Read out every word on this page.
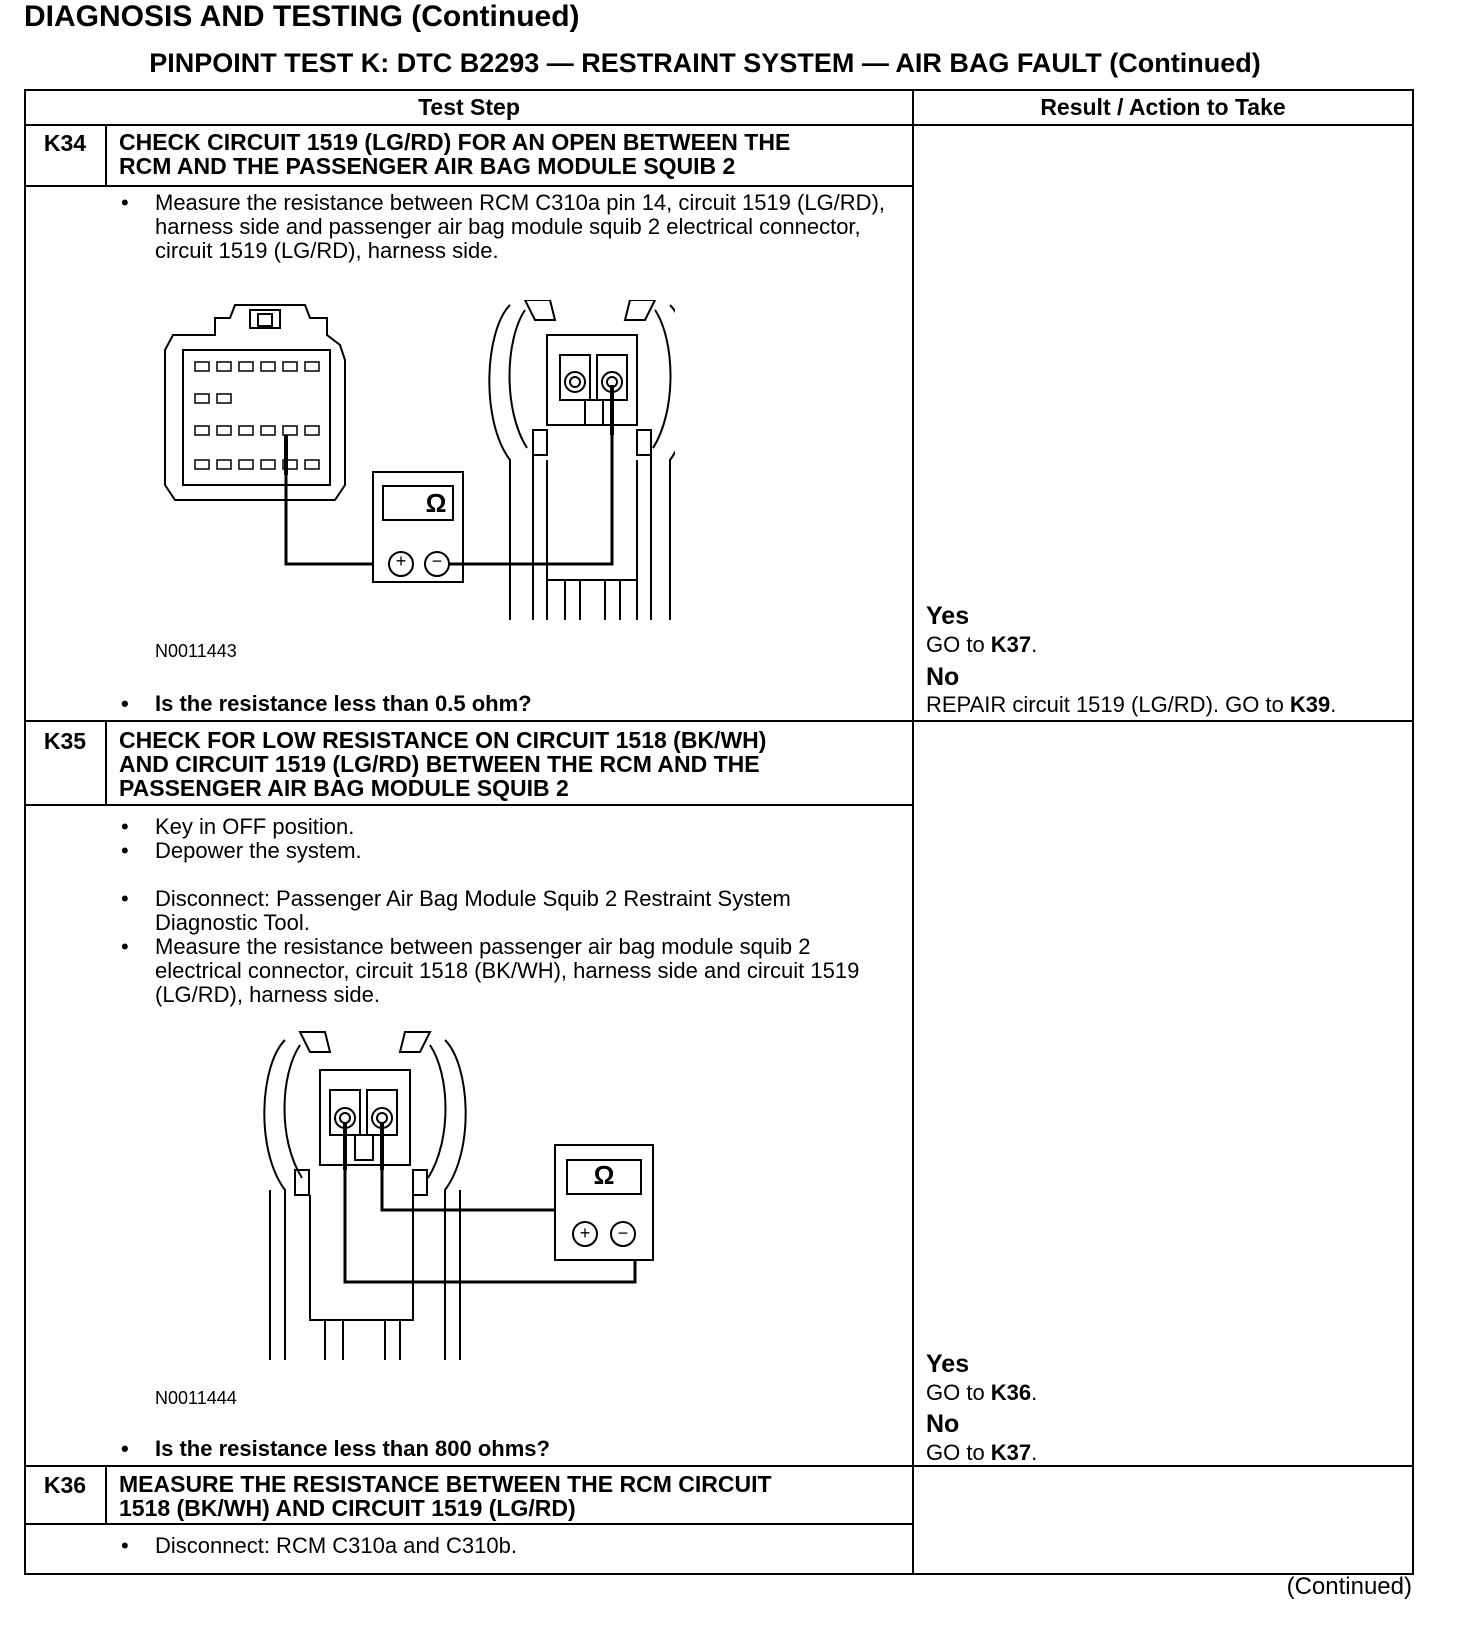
DIAGNOSIS AND TESTING (Continued)
PINPOINT TEST K: DTC B2293 — RESTRAINT SYSTEM — AIR BAG FAULT (Continued)
Test Step	Result / Action to Take
K34	CHECK CIRCUIT 1519 (LG/RD) FOR AN OPEN BETWEEN THE
RCM AND THE PASSENGER AIR BAG MODULE SQUIB 2
• Measure the resistance between RCM C310a pin 14, circuit 1519 (LG/RD), harness side and passenger air bag module squib 2 electrical connector, circuit 1519 (LG/RD), harness side.
Ω
+ −
N0011443
• Is the resistance less than 0.5 ohm?
Yes
GO to K37.
No
REPAIR circuit 1519 (LG/RD). GO to K39.
K35	CHECK FOR LOW RESISTANCE ON CIRCUIT 1518 (BK/WH)
AND CIRCUIT 1519 (LG/RD) BETWEEN THE RCM AND THE
PASSENGER AIR BAG MODULE SQUIB 2
• Key in OFF position.
• Depower the system.
• Disconnect: Passenger Air Bag Module Squib 2 Restraint System Diagnostic Tool.
• Measure the resistance between passenger air bag module squib 2 electrical connector, circuit 1518 (BK/WH), harness side and circuit 1519 (LG/RD), harness side.
Ω
+ −
N0011444
• Is the resistance less than 800 ohms?
Yes
GO to K36.
No
GO to K37.
K36	MEASURE THE RESISTANCE BETWEEN THE RCM CIRCUIT
1518 (BK/WH) AND CIRCUIT 1519 (LG/RD)
• Disconnect: RCM C310a and C310b.
(Continued)
